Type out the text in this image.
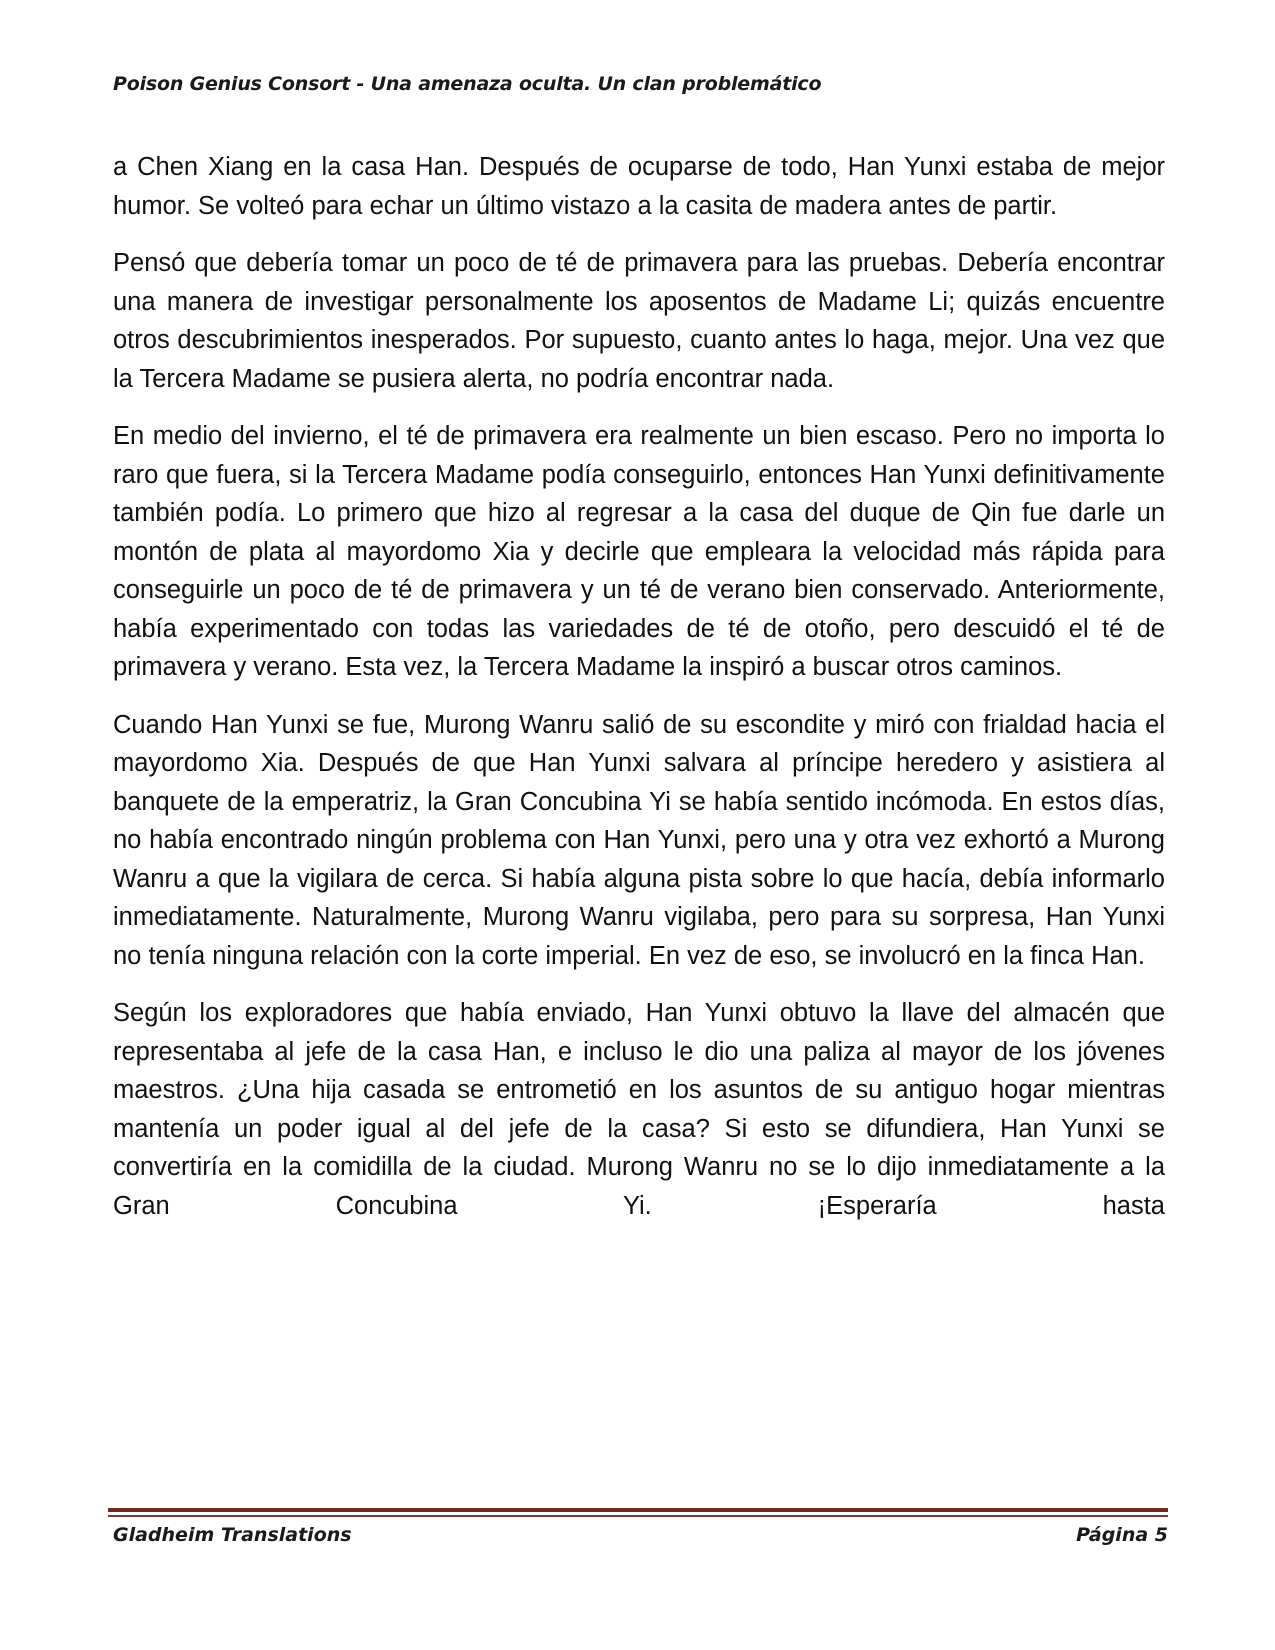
Poison Genius Consort - Una amenaza oculta. Un clan problemático

a Chen Xiang en la casa Han. Después de ocuparse de todo, Han Yunxi estaba de mejor humor. Se volteó para echar un último vistazo a la casita de madera antes de partir.

Pensó que debería tomar un poco de té de primavera para las pruebas. Debería encontrar una manera de investigar personalmente los aposentos de Madame Li; quizás encuentre otros descubrimientos inesperados. Por supuesto, cuanto antes lo haga, mejor. Una vez que la Tercera Madame se pusiera alerta, no podría encontrar nada.

En medio del invierno, el té de primavera era realmente un bien escaso. Pero no importa lo raro que fuera, si la Tercera Madame podía conseguirlo, entonces Han Yunxi definitivamente también podía. Lo primero que hizo al regresar a la casa del duque de Qin fue darle un montón de plata al mayordomo Xia y decirle que empleara la velocidad más rápida para conseguirle un poco de té de primavera y un té de verano bien conservado. Anteriormente, había experimentado con todas las variedades de té de otoño, pero descuidó el té de primavera y verano. Esta vez, la Tercera Madame la inspiró a buscar otros caminos.

Cuando Han Yunxi se fue, Murong Wanru salió de su escondite y miró con frialdad hacia el mayordomo Xia. Después de que Han Yunxi salvara al príncipe heredero y asistiera al banquete de la emperatriz, la Gran Concubina Yi se había sentido incómoda. En estos días, no había encontrado ningún problema con Han Yunxi, pero una y otra vez exhortó a Murong Wanru a que la vigilara de cerca. Si había alguna pista sobre lo que hacía, debía informarlo inmediatamente. Naturalmente, Murong Wanru vigilaba, pero para su sorpresa, Han Yunxi no tenía ninguna relación con la corte imperial. En vez de eso, se involucró en la finca Han.

Según los exploradores que había enviado, Han Yunxi obtuvo la llave del almacén que representaba al jefe de la casa Han, e incluso le dio una paliza al mayor de los jóvenes maestros. ¿Una hija casada se entrometió en los asuntos de su antiguo hogar mientras mantenía un poder igual al del jefe de la casa? Si esto se difundiera, Han Yunxi se convertiría en la comidilla de la ciudad. Murong Wanru no se lo dijo inmediatamente a la Gran Concubina Yi. ¡Esperaría hasta

Gladheim Translations	Página 5
